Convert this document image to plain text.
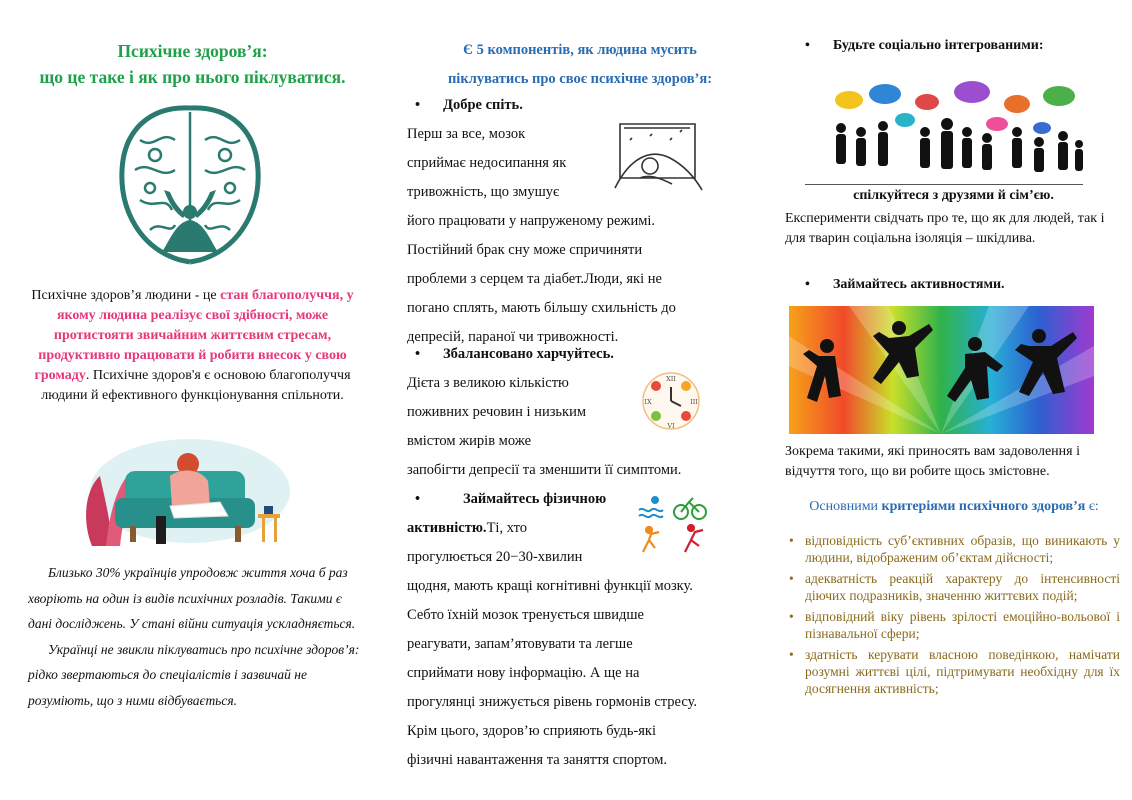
Психічне здоров’я:
що це таке і як про нього піклуватися.
Психічне здоров’я людини - це стан благополуччя, у якому людина реалізує свої здібності, може протистояти звичайним життєвим стресам, продуктивно працювати й робити внесок у свою громаду. Психічне здоров'я є основою благополуччя людини й ефективного функціонування спільноти.

Близько 30% українців упродовж життя хоча б раз хворіють на один із видів психічних розладів. Такими є дані досліджень. У стані війни ситуація ускладняється.

Українці не звикли піклуватись про психічне здоров’я: рідко звертаються до спеціалістів і зазвичай не розуміють, що з ними відбувається.

Є 5 компонентів, як людина мусить
піклуватись про своє психічне здоров’я:
• Добре спіть.
Перш за все, мозок
сприймає недосипання як
тривожність, що змушує
його працювати у напруженому режимі.
Постійний брак сну може спричиняти
проблеми з серцем та діабет.Люди, які не
погано сплять, мають більшу схильність до
депресій, параної чи тривожності.
• Збалансовано харчуйтесь.
Дієта з великою кількістю
поживних речовин і низьким
вмістом жирів може
запобігти депресії та зменшити її симптоми.
XII
III
VI
IX
•	Займайтесь фізичною
активністю.Ті, хто
прогулюється 20−30-хвилин
щодня, мають кращі когнітивні функції мозку.
Себто їхній мозок тренується швидше
реагувати, запам’ятовувати та легше
сприймати нову інформацію. А ще на
прогулянці знижується рівень гормонів стресу.
Крім цього, здоров’ю сприяють будь-які
фізичні навантаження та заняття спортом.
• Будьте соціально інтегрованими:
спілкуйтеся з друзями й сім’єю.
Експерименти свідчать про те, що як для людей, так і для тварин соціальна ізоляція – шкідлива.
• Займайтесь активностями.
Зокрема такими, які приносять вам задоволення і відчуття того, що ви робите щось змістовне.
Основними критеріями психічного здоров’я є:
• відповідність суб’єктивних образів, що виникають у людини, відображеним об’єктам дійсності;
• адекватність реакцій характеру до інтенсивності діючих подразників, значенню життєвих подій;
• відповідний віку рівень зрілості емоційно-вольової і пізнавальної сфери;
• здатність керувати власною поведінкою, намічати розумні життєві цілі, підтримувати необхідну для їх досягнення активність;
